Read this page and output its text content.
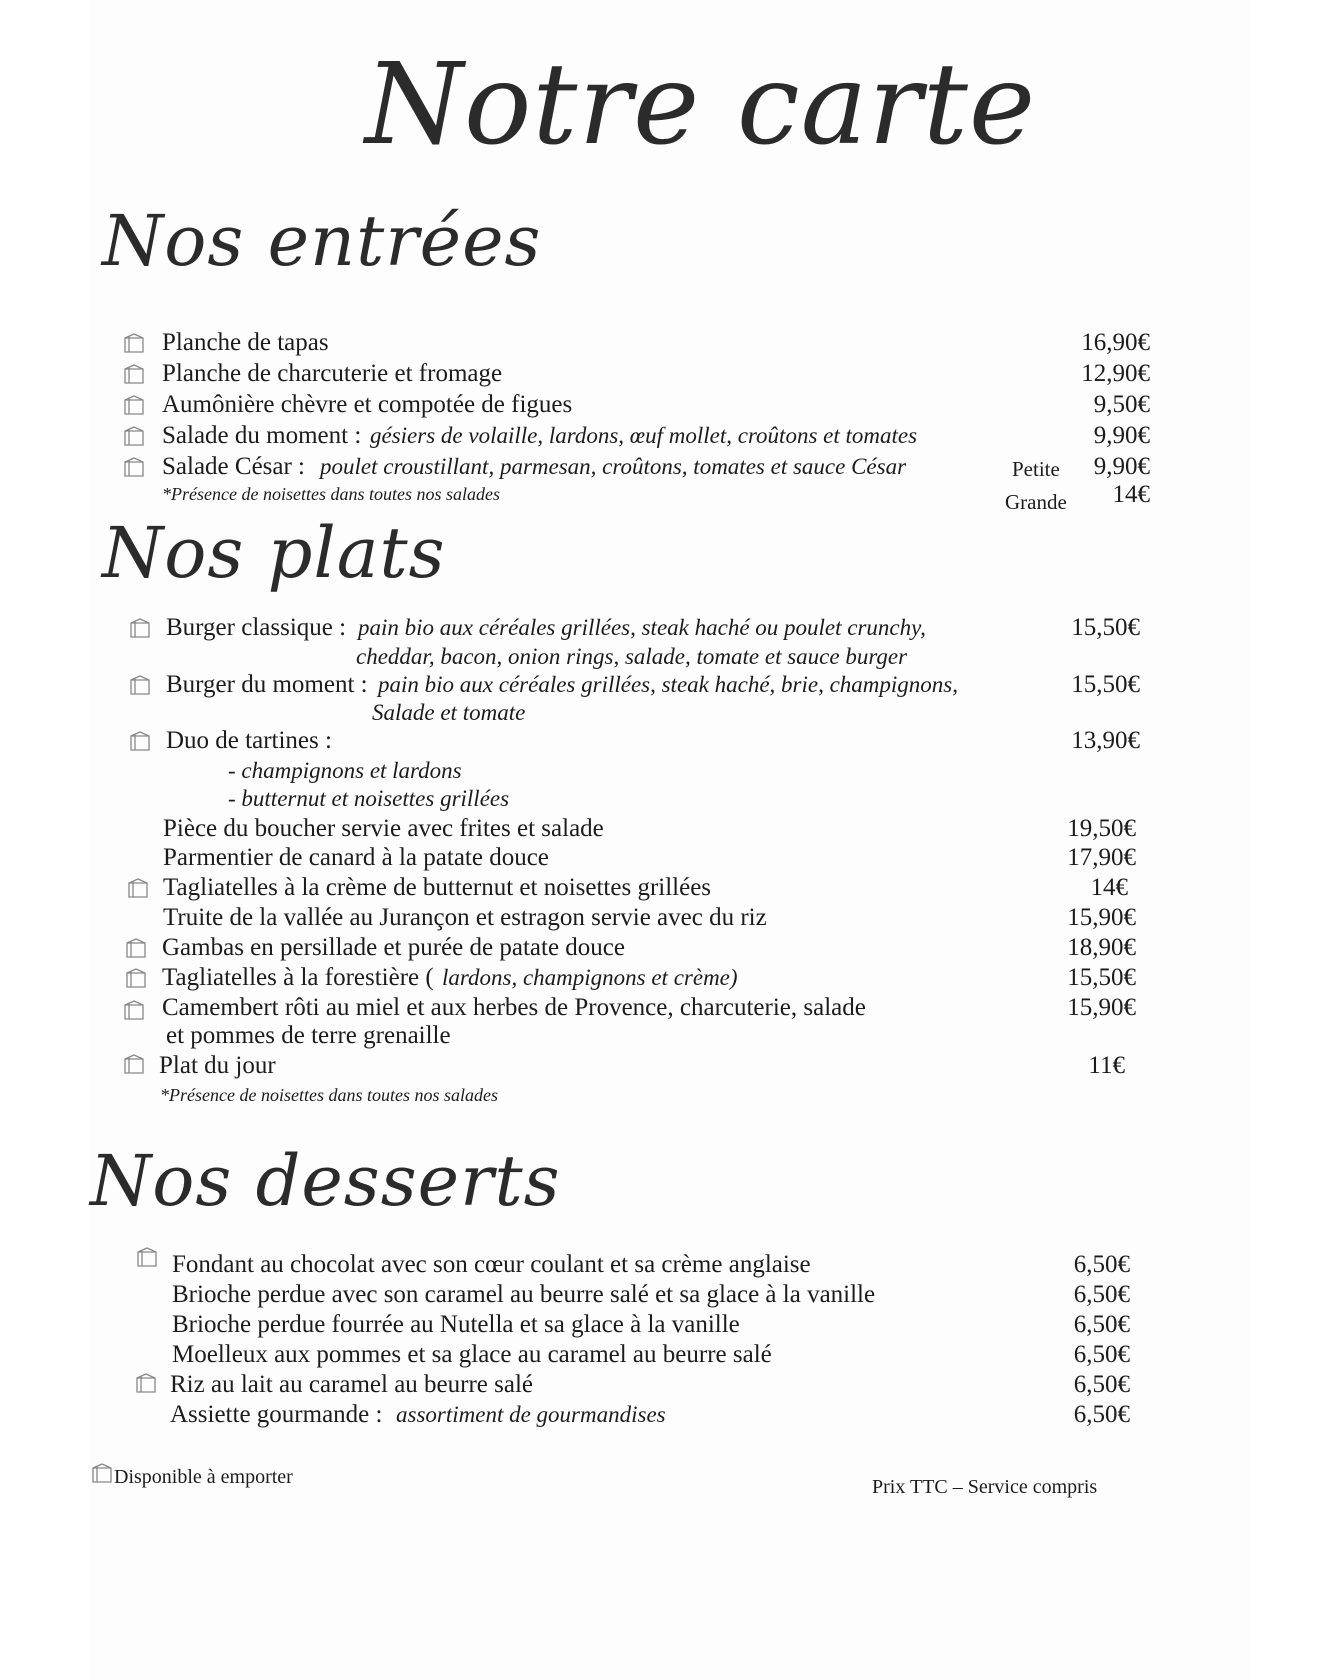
Notre carte
Nos entrées
Planche de tapas	16,90€
Planche de charcuterie et fromage	12,90€
Aumônière chèvre et compotée de figues	9,50€
Salade du moment : gésiers de volaille, lardons, œuf mollet, croûtons et tomates	9,90€
Salade César : poulet croustillant, parmesan, croûtons, tomates et sauce César	Petite	9,90€
*Présence de noisettes dans toutes nos salades	Grande	14€
Nos plats
Burger classique : pain bio aux céréales grillées, steak haché ou poulet crunchy,	15,50€
cheddar, bacon, onion rings, salade, tomate et sauce burger
Burger du moment : pain bio aux céréales grillées, steak haché, brie, champignons,	15,50€
Salade et tomate
Duo de tartines :	13,90€
- champignons et lardons
- butternut et noisettes grillées
Pièce du boucher servie avec frites et salade	19,50€
Parmentier de canard à la patate douce	17,90€
Tagliatelles à la crème de butternut et noisettes grillées	14€
Truite de la vallée au Jurançon et estragon servie avec du riz	15,90€
Gambas en persillade et purée de patate douce	18,90€
Tagliatelles à la forestière ( lardons, champignons et crème)	15,50€
Camembert rôti au miel et aux herbes de Provence, charcuterie, salade	15,90€
et pommes de terre grenaille
Plat du jour	11€
*Présence de noisettes dans toutes nos salades
Nos desserts
Fondant au chocolat avec son cœur coulant et sa crème anglaise	6,50€
Brioche perdue avec son caramel au beurre salé et sa glace à la vanille	6,50€
Brioche perdue fourrée au Nutella et sa glace à la vanille	6,50€
Moelleux aux pommes et sa glace au caramel au beurre salé	6,50€
Riz au lait au caramel au beurre salé	6,50€
Assiette gourmande : assortiment de gourmandises	6,50€
Disponible à emporter	Prix TTC – Service compris
